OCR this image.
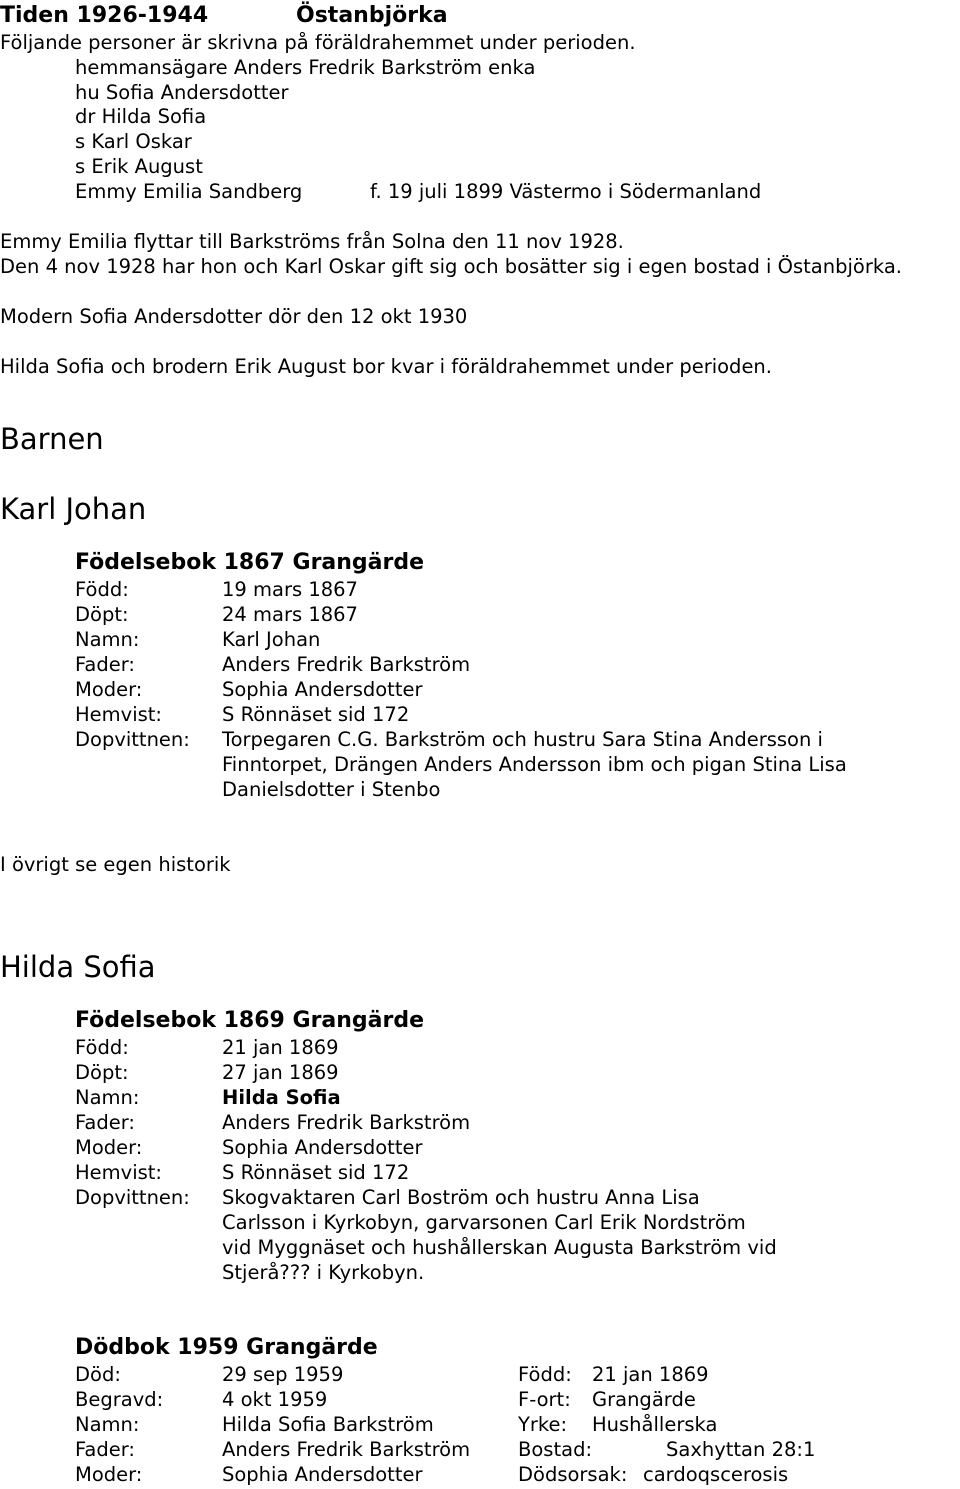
Tiden 1926-1944	Östanbjörka
Följande personer är skrivna på föräldrahemmet under perioden.
hemmansägare Anders Fredrik Barkström enka
hu Sofia Andersdotter
dr Hilda Sofia
s Karl Oskar
s Erik August
Emmy Emilia Sandberg	f. 19 juli 1899 Västermo i Södermanland
Emmy Emilia flyttar till Barkströms från Solna den 11 nov 1928.
Den 4 nov 1928 har hon och Karl Oskar gift sig och bosätter sig i egen bostad i Östanbjörka.
Modern Sofia Andersdotter dör den 12 okt 1930
Hilda Sofia och brodern Erik August bor kvar i föräldrahemmet under perioden.
Barnen
Karl Johan
Födelsebok 1867 Grangärde
Född:	19 mars 1867
Döpt:	24 mars 1867
Namn:	Karl Johan
Fader:	Anders Fredrik Barkström
Moder:	Sophia Andersdotter
Hemvist:	S Rönnäset sid 172
Dopvittnen: Torpegaren C.G. Barkström och hustru Sara Stina Andersson i
Finntorpet, Drängen Anders Andersson ibm och pigan Stina Lisa
Danielsdotter i Stenbo
I övrigt se egen historik
Hilda Sofia
Födelsebok 1869 Grangärde
Född:	21 jan 1869
Döpt:	27 jan 1869
Namn:	Hilda Sofia
Fader:	Anders Fredrik Barkström
Moder:	Sophia Andersdotter
Hemvist:	S Rönnäset sid 172
Dopvittnen: Skogvaktaren Carl Boström och hustru Anna Lisa
Carlsson i Kyrkobyn, garvarsonen Carl Erik Nordström
vid Myggnäset och hushållerskan Augusta Barkström vid
Stjerå??? i Kyrkobyn.
Dödbok 1959 Grangärde
Död:	29 sep 1959
Begravd:	4 okt 1959
Namn:	Hilda Sofia Barkström
Fader:	Anders Fredrik Barkström
Moder:	Sophia Andersdotter
Född: 21 jan 1869
F-ort: Grangärde
Yrke: Hushållerska
Bostad:	Saxhyttan 28:1
Dödsorsak: cardoqscerosis
